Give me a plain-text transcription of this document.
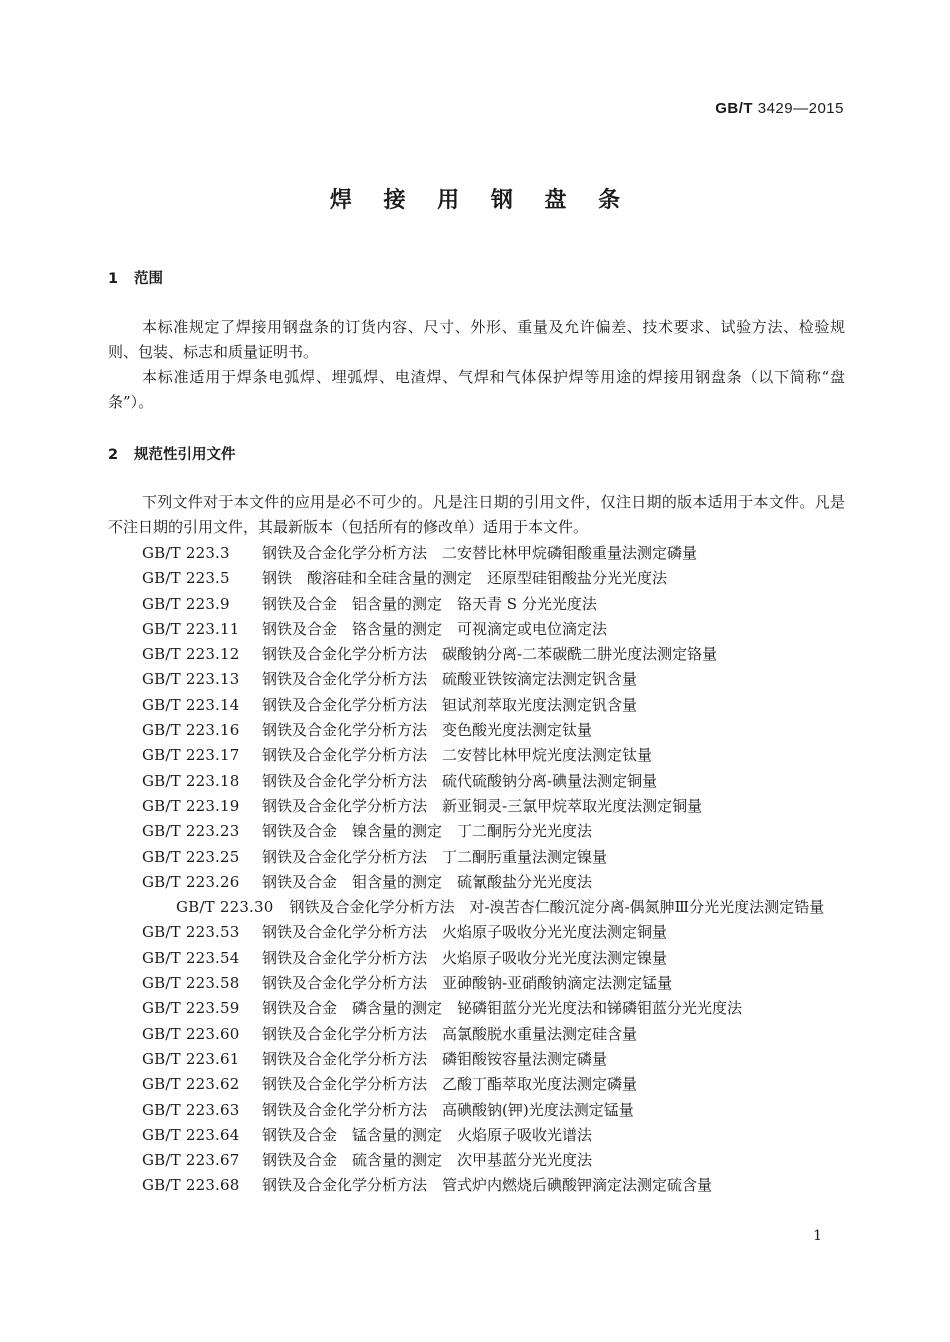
GB/T 3429—2015
焊 接 用 钢 盘 条
1 范围
本标准规定了焊接用钢盘条的订货内容、尺寸、外形、重量及允许偏差、技术要求、试验方法、检验规则、包装、标志和质量证明书。
本标准适用于焊条电弧焊、埋弧焊、电渣焊、气焊和气体保护焊等用途的焊接用钢盘条（以下简称“盘条”）。
2 规范性引用文件
下列文件对于本文件的应用是必不可少的。凡是注日期的引用文件，仅注日期的版本适用于本文件。凡是不注日期的引用文件，其最新版本（包括所有的修改单）适用于本文件。
GB/T 223.3 钢铁及合金化学分析方法　二安替比林甲烷磷钼酸重量法测定磷量
GB/T 223.5 钢铁　酸溶硅和全硅含量的测定　还原型硅钼酸盐分光光度法
GB/T 223.9 钢铁及合金　铝含量的测定　铬天青 S 分光光度法
GB/T 223.11 钢铁及合金　铬含量的测定　可视滴定或电位滴定法
GB/T 223.12 钢铁及合金化学分析方法　碳酸钠分离-二苯碳酰二肼光度法测定铬量
GB/T 223.13 钢铁及合金化学分析方法　硫酸亚铁铵滴定法测定钒含量
GB/T 223.14 钢铁及合金化学分析方法　钽试剂萃取光度法测定钒含量
GB/T 223.16 钢铁及合金化学分析方法　变色酸光度法测定钛量
GB/T 223.17 钢铁及合金化学分析方法　二安替比林甲烷光度法测定钛量
GB/T 223.18 钢铁及合金化学分析方法　硫代硫酸钠分离-碘量法测定铜量
GB/T 223.19 钢铁及合金化学分析方法　新亚铜灵-三氯甲烷萃取光度法测定铜量
GB/T 223.23 钢铁及合金　镍含量的测定　丁二酮肟分光光度法
GB/T 223.25 钢铁及合金化学分析方法　丁二酮肟重量法测定镍量
GB/T 223.26 钢铁及合金　钼含量的测定　硫氰酸盐分光光度法
GB/T 223.30 钢铁及合金化学分析方法　对-溴苦杏仁酸沉淀分离-偶氮胂Ⅲ分光光度法测定锆量
GB/T 223.53 钢铁及合金化学分析方法　火焰原子吸收分光光度法测定铜量
GB/T 223.54 钢铁及合金化学分析方法　火焰原子吸收分光光度法测定镍量
GB/T 223.58 钢铁及合金化学分析方法　亚砷酸钠-亚硝酸钠滴定法测定锰量
GB/T 223.59 钢铁及合金　磷含量的测定　铋磷钼蓝分光光度法和锑磷钼蓝分光光度法
GB/T 223.60 钢铁及合金化学分析方法　高氯酸脱水重量法测定硅含量
GB/T 223.61 钢铁及合金化学分析方法　磷钼酸铵容量法测定磷量
GB/T 223.62 钢铁及合金化学分析方法　乙酸丁酯萃取光度法测定磷量
GB/T 223.63 钢铁及合金化学分析方法　高碘酸钠(钾)光度法测定锰量
GB/T 223.64 钢铁及合金　锰含量的测定　火焰原子吸收光谱法
GB/T 223.67 钢铁及合金　硫含量的测定　次甲基蓝分光光度法
GB/T 223.68 钢铁及合金化学分析方法　管式炉内燃烧后碘酸钾滴定法测定硫含量
1
